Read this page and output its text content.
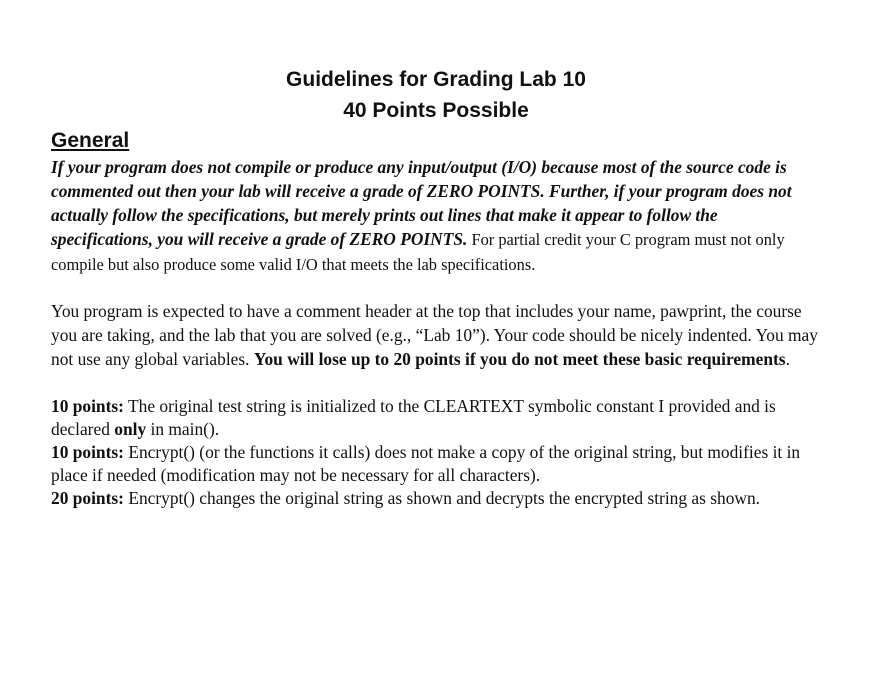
Guidelines for Grading Lab 10
40 Points Possible
General

If your program does not compile or produce any input/output (I/O) because most of the source code is commented out then your lab will receive a grade of ZERO POINTS. Further, if your program does not actually follow the specifications, but merely prints out lines that make it appear to follow the specifications, you will receive a grade of ZERO POINTS. For partial credit your C program must not only compile but also produce some valid I/O that meets the lab specifications.

You program is expected to have a comment header at the top that includes your name, pawprint, the course you are taking, and the lab that you are solved (e.g., “Lab 10”). Your code should be nicely indented. You may not use any global variables. You will lose up to 20 points if you do not meet these basic requirements.

10 points: The original test string is initialized to the CLEARTEXT symbolic constant I provided and is declared only in main().

10 points: Encrypt() (or the functions it calls) does not make a copy of the original string, but modifies it in place if needed (modification may not be necessary for all characters).

20 points: Encrypt() changes the original string as shown and decrypts the encrypted string as shown.
